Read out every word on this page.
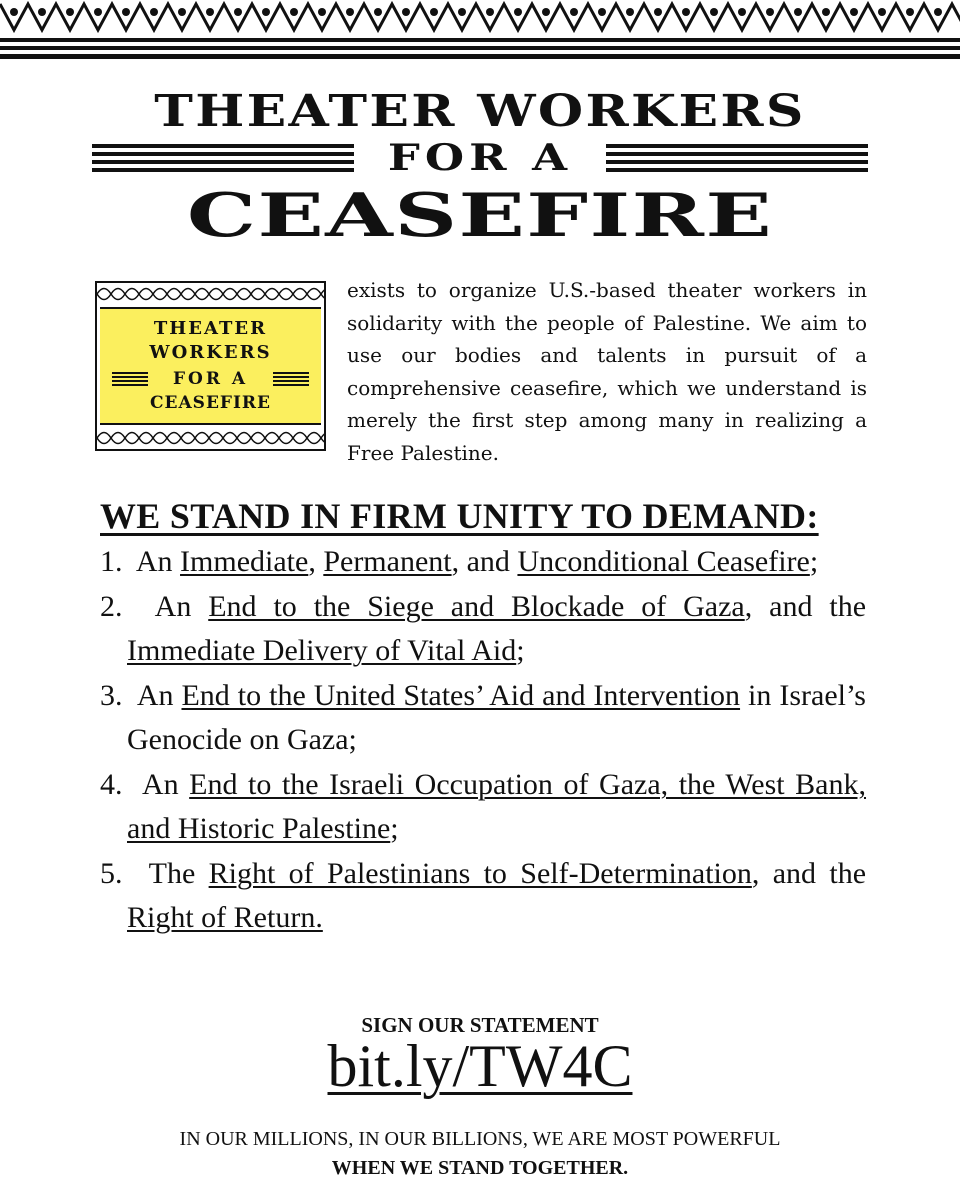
THEATER WORKERS
FOR A
CEASEFIRE
THEATER
WORKERS
FOR A
CEASEFIRE

exists to organize U.S.-based theater workers in solidarity with the people of Palestine. We aim to use our bodies and talents in pursuit of a comprehensive ceasefire, which we understand is merely the first step among many in realizing a Free Palestine.

WE STAND IN FIRM UNITY TO DEMAND:
1. An Immediate, Permanent, and Unconditional Ceasefire;
2. An End to the Siege and Blockade of Gaza, and the Immediate Delivery of Vital Aid;
3. An End to the United States’ Aid and Intervention in Israel’s Genocide on Gaza;
4. An End to the Israeli Occupation of Gaza, the West Bank, and Historic Palestine;
5. The Right of Palestinians to Self-Determination, and the Right of Return.
SIGN OUR STATEMENT
bit.ly/TW4C
IN OUR MILLIONS, IN OUR BILLIONS, WE ARE MOST POWERFUL
WHEN WE STAND TOGETHER.
